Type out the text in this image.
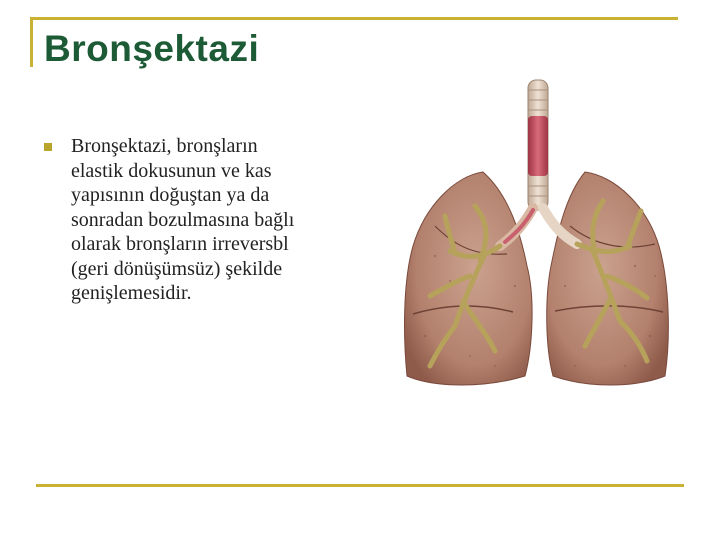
Bronşektazi

Bronşektazi, bronşların
elastik dokusunun ve kas
yapısının doğuştan ya da
sonradan bozulmasına bağlı
olarak bronşların irreversbl
(geri dönüşümsüz) şekilde
genişlemesidir.
